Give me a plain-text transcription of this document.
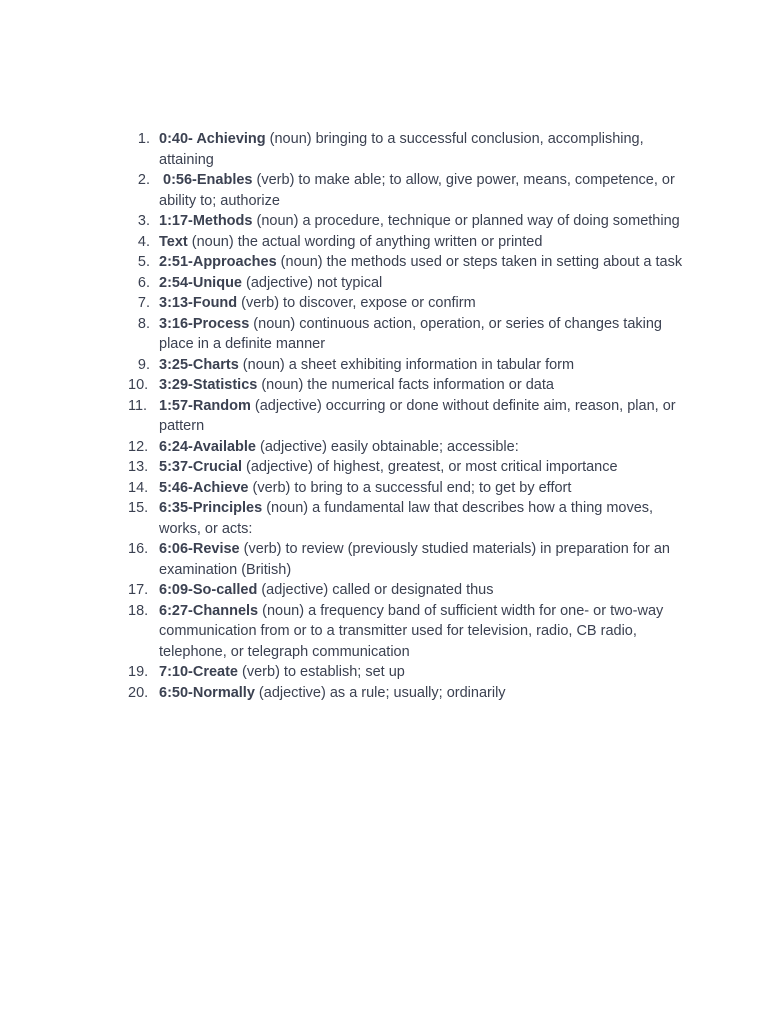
1. 0:40- Achieving (noun) bringing to a successful conclusion, accomplishing, attaining
2. 0:56-Enables (verb) to make able; to allow, give power, means, competence, or ability to; authorize
3. 1:17-Methods (noun) a procedure, technique or planned way of doing something
4. Text (noun) the actual wording of anything written or printed
5. 2:51-Approaches (noun) the methods used or steps taken in setting about a task
6. 2:54-Unique (adjective) not typical
7. 3:13-Found (verb) to discover, expose or confirm
8. 3:16-Process (noun) continuous action, operation, or series of changes taking place in a definite manner
9. 3:25-Charts (noun) a sheet exhibiting information in tabular form
10. 3:29-Statistics (noun) the numerical facts information or data
11. 1:57-Random (adjective) occurring or done without definite aim, reason, plan, or pattern
12. 6:24-Available (adjective) easily obtainable; accessible:
13. 5:37-Crucial (adjective) of highest, greatest, or most critical importance
14. 5:46-Achieve (verb) to bring to a successful end; to get by effort
15. 6:35-Principles (noun) a fundamental law that describes how a thing moves, works, or acts:
16. 6:06-Revise (verb) to review (previously studied materials) in preparation for an examination (British)
17. 6:09-So-called (adjective) called or designated thus
18. 6:27-Channels (noun) a frequency band of sufficient width for one- or two-way communication from or to a transmitter used for television, radio, CB radio, telephone, or telegraph communication
19. 7:10-Create (verb) to establish; set up
20. 6:50-Normally (adjective) as a rule; usually; ordinarily
